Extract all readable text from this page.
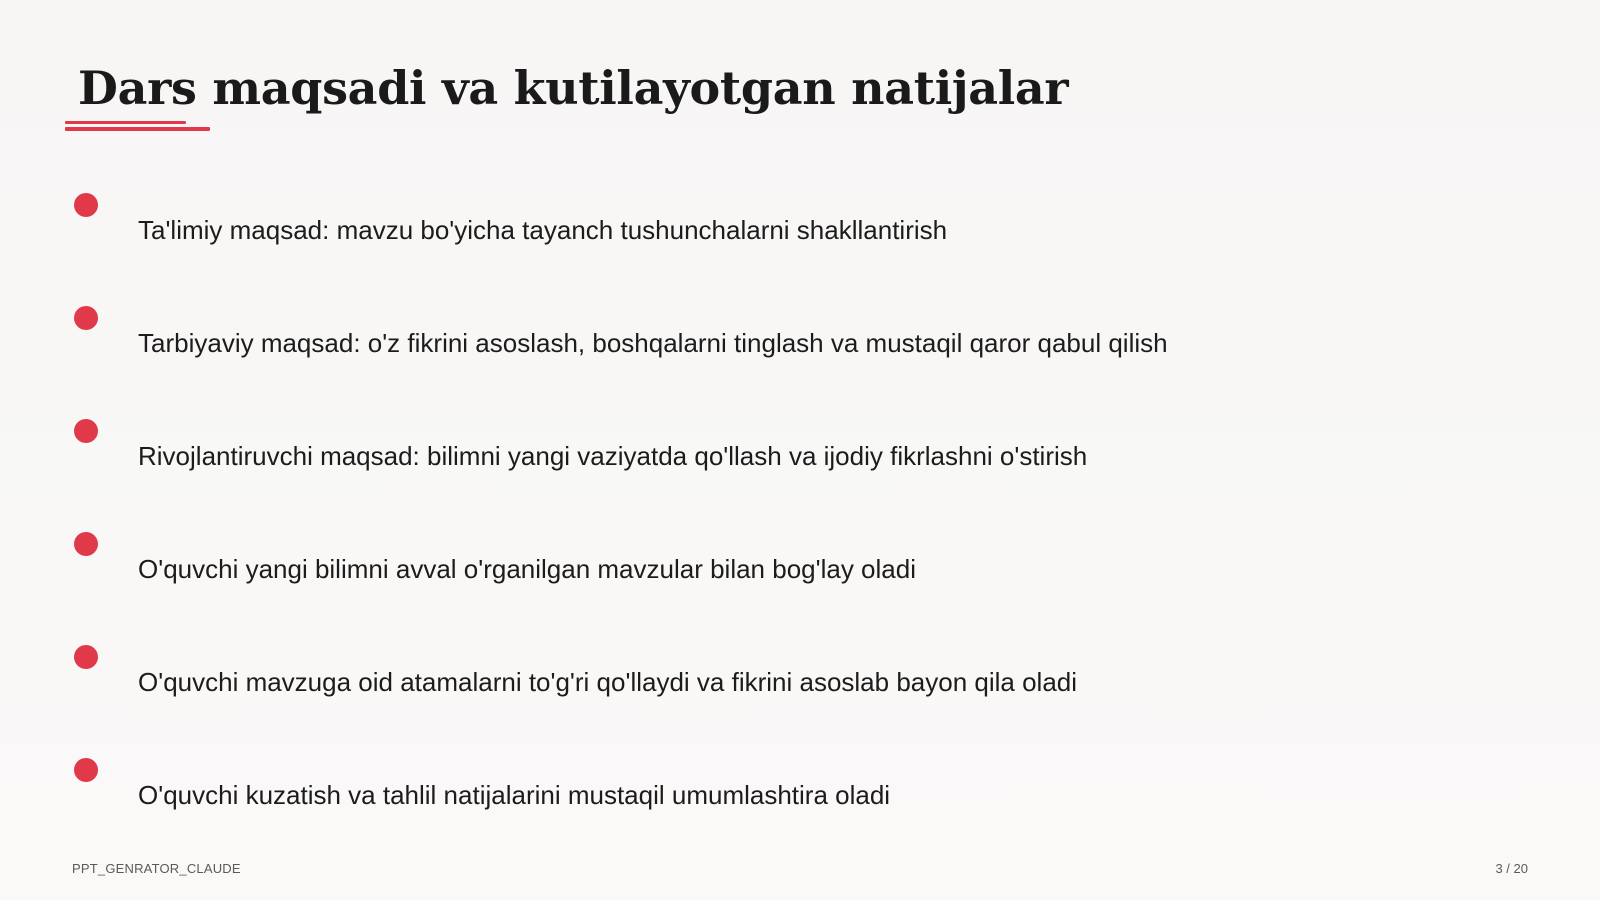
Dars maqsadi va kutilayotgan natijalar
Ta'limiy maqsad: mavzu bo'yicha tayanch tushunchalarni shakllantirish
Tarbiyaviy maqsad: o'z fikrini asoslash, boshqalarni tinglash va mustaqil qaror qabul qilish
Rivojlantiruvchi maqsad: bilimni yangi vaziyatda qo'llash va ijodiy fikrlashni o'stirish
O'quvchi yangi bilimni avval o'rganilgan mavzular bilan bog'lay oladi
O'quvchi mavzuga oid atamalarni to'g'ri qo'llaydi va fikrini asoslab bayon qila oladi
O'quvchi kuzatish va tahlil natijalarini mustaqil umumlashtira oladi
PPT_GENRATOR_CLAUDE	3 / 20
